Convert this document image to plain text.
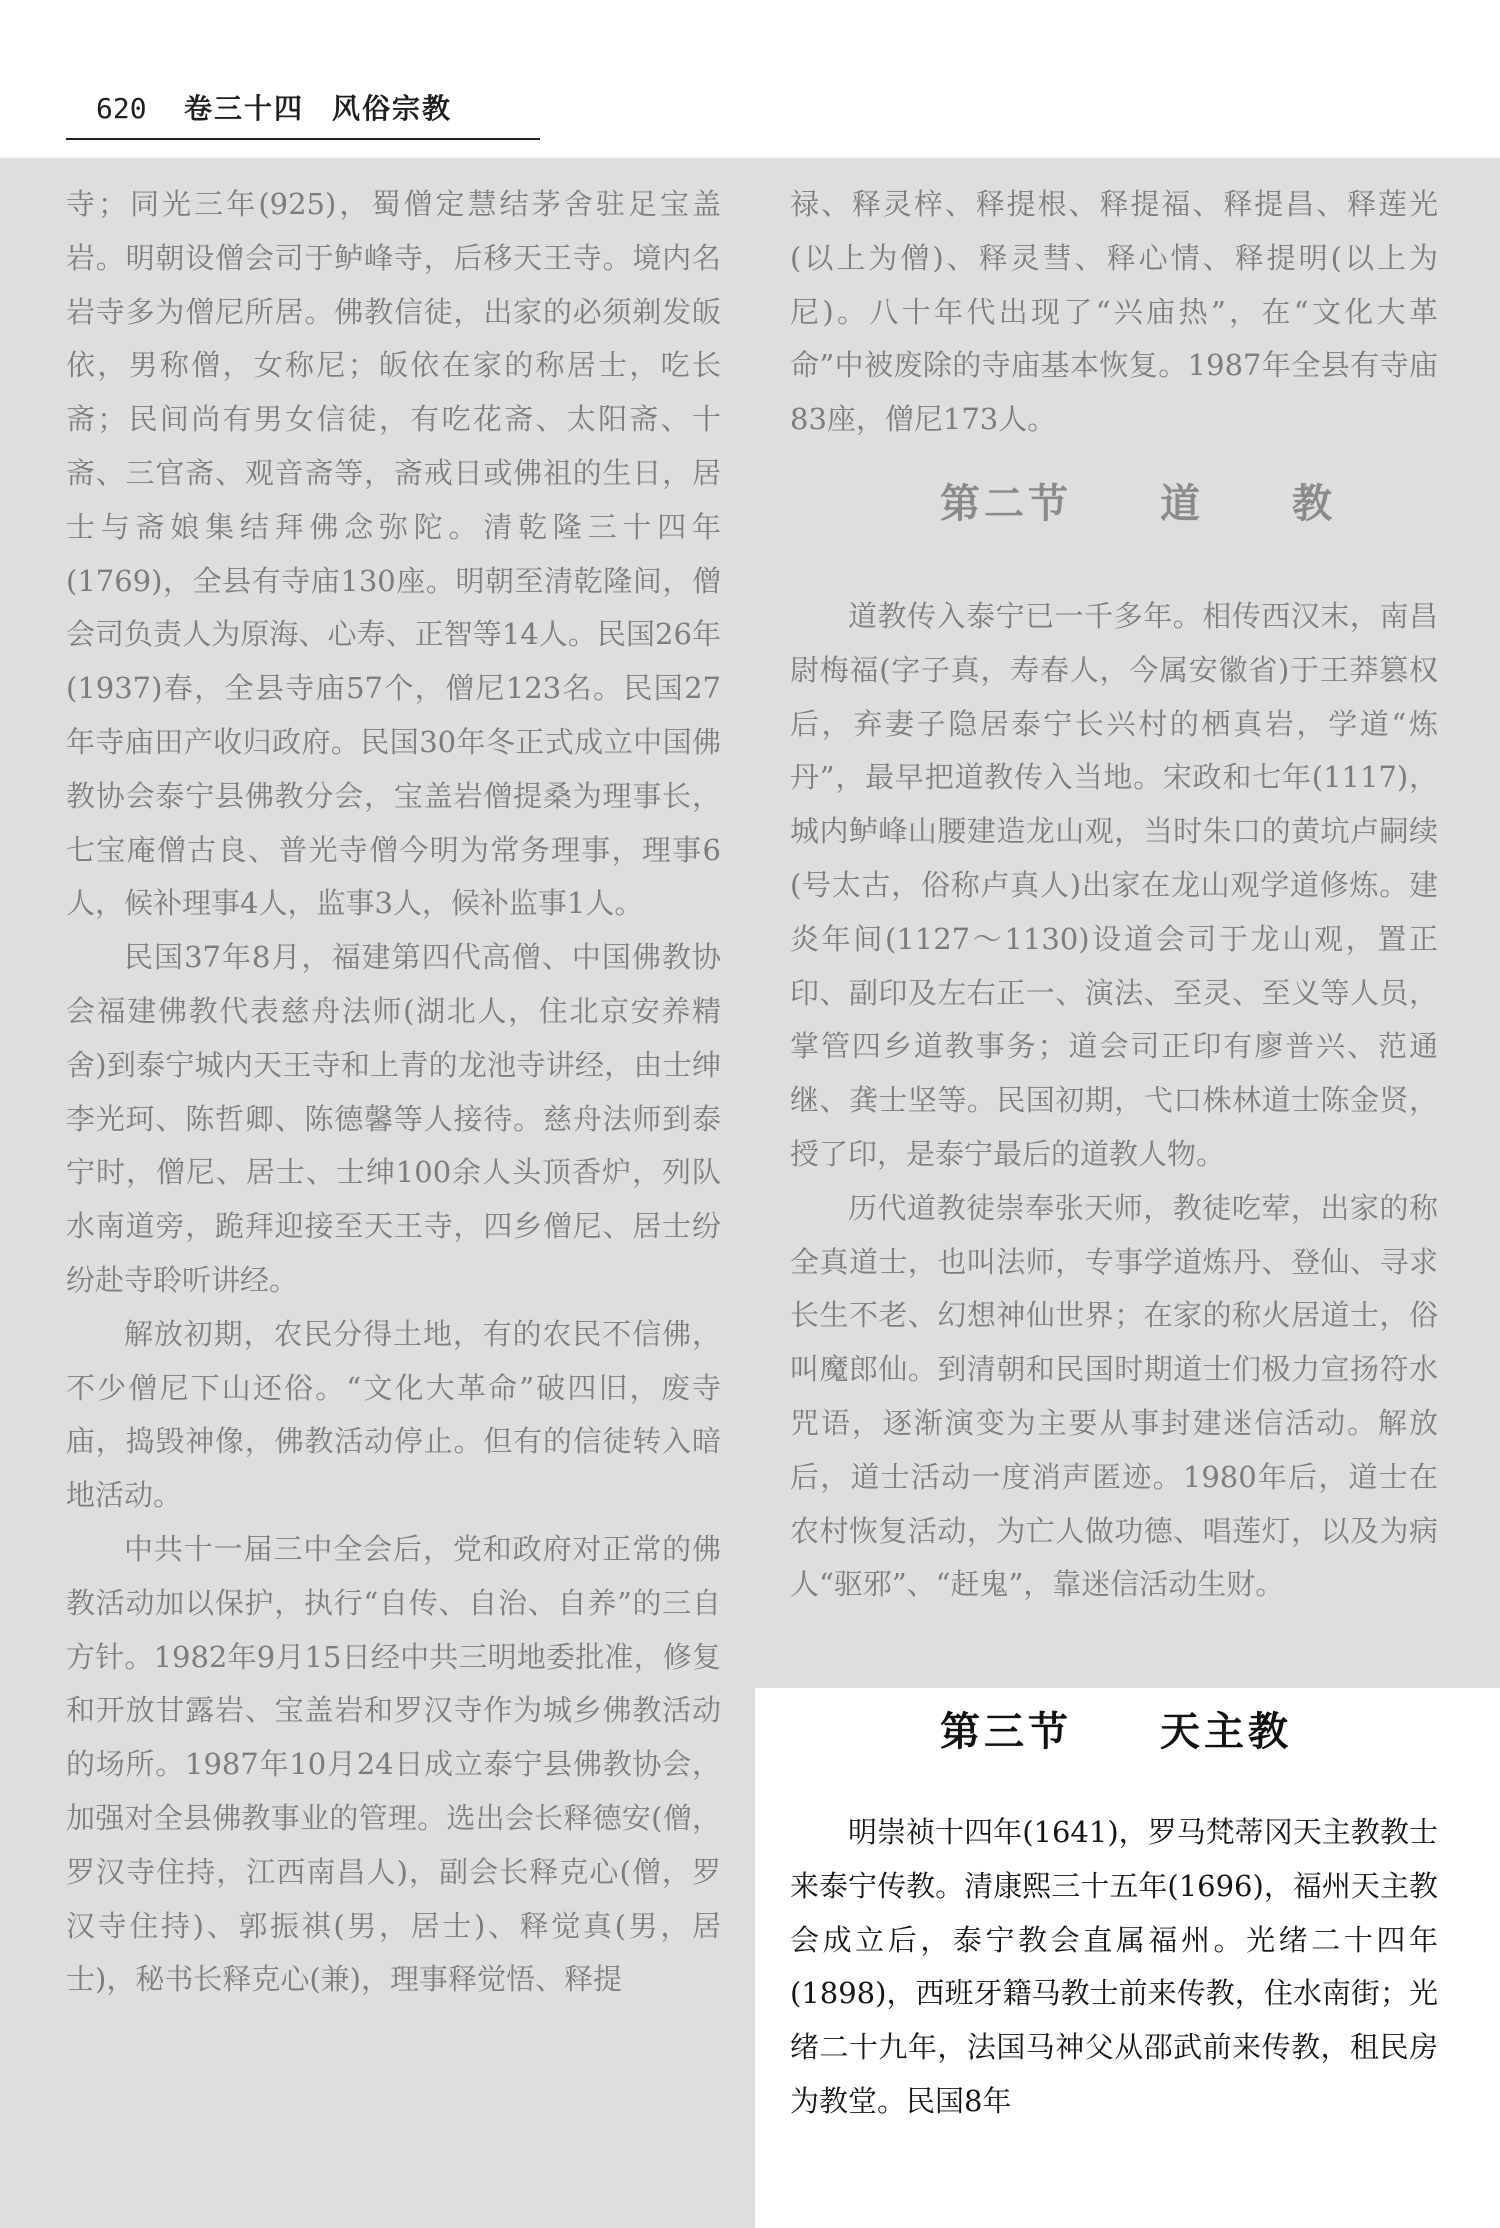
620 卷三十四 风俗宗教

寺；同光三年(925)，蜀僧定慧结茅舍驻足宝盖岩。明朝设僧会司于鲈峰寺，后移天王寺。境内名岩寺多为僧尼所居。佛教信徒，出家的必须剃发皈依，男称僧，女称尼；皈依在家的称居士，吃长斋；民间尚有男女信徒，有吃花斋、太阳斋、十斋、三官斋、观音斋等，斋戒日或佛祖的生日，居士与斋娘集结拜佛念弥陀。清乾隆三十四年(1769)，全县有寺庙130座。明朝至清乾隆间，僧会司负责人为原海、心寿、正智等14人。民国26年(1937)春，全县寺庙57个，僧尼123名。民国27年寺庙田产收归政府。民国30年冬正式成立中国佛教协会泰宁县佛教分会，宝盖岩僧提桑为理事长，七宝庵僧古良、普光寺僧今明为常务理事，理事6人，候补理事4人，监事3人，候补监事1人。

民国37年8月，福建第四代高僧、中国佛教协会福建佛教代表慈舟法师(湖北人，住北京安养精舍)到泰宁城内天王寺和上青的龙池寺讲经，由士绅李光珂、陈哲卿、陈德馨等人接待。慈舟法师到泰宁时，僧尼、居士、士绅100余人头顶香炉，列队水南道旁，跪拜迎接至天王寺，四乡僧尼、居士纷纷赴寺聆听讲经。

解放初期，农民分得土地，有的农民不信佛，不少僧尼下山还俗。“文化大革命”破四旧，废寺庙，捣毁神像，佛教活动停止。但有的信徒转入暗地活动。

中共十一届三中全会后，党和政府对正常的佛教活动加以保护，执行“自传、自治、自养”的三自方针。1982年9月15日经中共三明地委批准，修复和开放甘露岩、宝盖岩和罗汉寺作为城乡佛教活动的场所。1987年10月24日成立泰宁县佛教协会，加强对全县佛教事业的管理。选出会长释德安(僧，罗汉寺住持，江西南昌人)，副会长释克心(僧，罗汉寺住持)、郭振祺(男，居士)、释觉真(男，居士)，秘书长释克心(兼)，理事释觉悟、释提

禄、释灵梓、释提根、释提福、释提昌、释莲光(以上为僧)、释灵彗、释心情、释提明(以上为尼)。八十年代出现了“兴庙热”，在“文化大革命”中被废除的寺庙基本恢复。1987年全县有寺庙83座，僧尼173人。

第二节　　道　　教

道教传入泰宁已一千多年。相传西汉末，南昌尉梅福(字子真，寿春人，今属安徽省)于王莽篡权后，弃妻子隐居泰宁长兴村的栖真岩，学道“炼丹”，最早把道教传入当地。宋政和七年(1117)，城内鲈峰山腰建造龙山观，当时朱口的黄坑卢嗣续(号太古，俗称卢真人)出家在龙山观学道修炼。建炎年间(1127～1130)设道会司于龙山观，置正印、副印及左右正一、演法、至灵、至义等人员，掌管四乡道教事务；道会司正印有廖普兴、范通继、龚士坚等。民国初期，弋口株林道士陈金贤，授了印，是泰宁最后的道教人物。

历代道教徒崇奉张天师，教徒吃荤，出家的称全真道士，也叫法师，专事学道炼丹、登仙、寻求长生不老、幻想神仙世界；在家的称火居道士，俗叫魔郎仙。到清朝和民国时期道士们极力宣扬符水咒语，逐渐演变为主要从事封建迷信活动。解放后，道士活动一度消声匿迹。1980年后，道士在农村恢复活动，为亡人做功德、唱莲灯，以及为病人“驱邪”、“赶鬼”，靠迷信活动生财。

第三节　　天主教

明崇祯十四年(1641)，罗马梵蒂冈天主教教士来泰宁传教。清康熙三十五年(1696)，福州天主教会成立后，泰宁教会直属福州。光绪二十四年(1898)，西班牙籍马教士前来传教，住水南街；光绪二十九年，法国马神父从邵武前来传教，租民房为教堂。民国8年
